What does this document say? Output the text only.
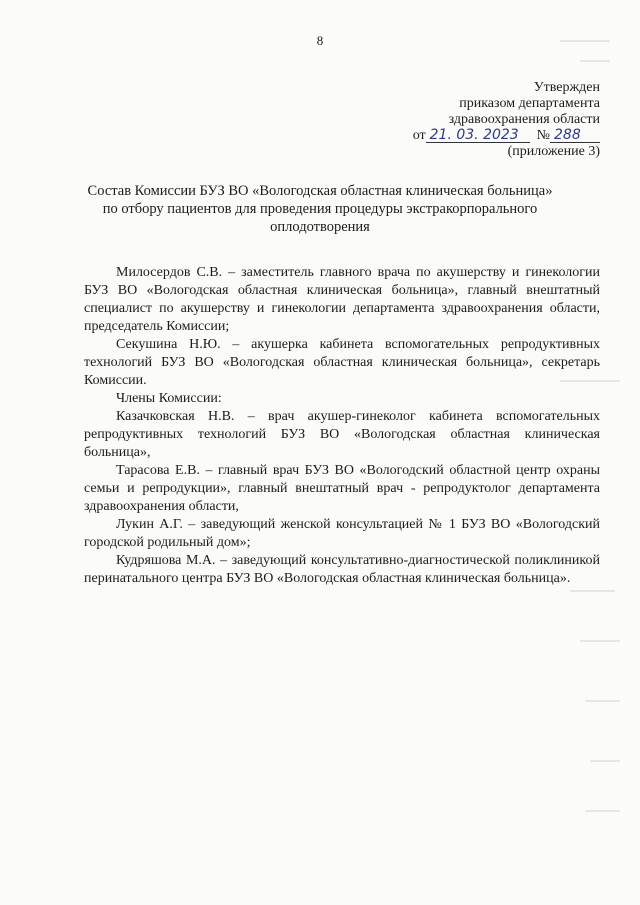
8
Утвержден
приказом департамента
здравоохранения области
от 21. 03. 2023 № 288
(приложение 3)
Состав Комиссии БУЗ ВО «Вологодская областная клиническая больница»
по отбору пациентов для проведения процедуры экстракорпорального
оплодотворения

Милосердов С.В. – заместитель главного врача по акушерству и гинекологии БУЗ ВО «Вологодская областная клиническая больница», главный внештатный специалист по акушерству и гинекологии департамента здравоохранения области, председатель Комиссии;

Секушина Н.Ю. – акушерка кабинета вспомогательных репродуктивных технологий БУЗ ВО «Вологодская областная клиническая больница», секретарь Комиссии.

Члены Комиссии:

Казачковская Н.В. – врач акушер-гинеколог кабинета вспомогательных репродуктивных технологий БУЗ ВО «Вологодская областная клиническая больница»,

Тарасова Е.В. – главный врач БУЗ ВО «Вологодский областной центр охраны семьи и репродукции», главный внештатный врач - репродуктолог департамента здравоохранения области,

Лукин А.Г. – заведующий женской консультацией № 1 БУЗ ВО «Вологодский городской родильный дом»;

Кудряшова М.А. – заведующий консультативно-диагностической поликлиникой перинатального центра БУЗ ВО «Вологодская областная клиническая больница».
